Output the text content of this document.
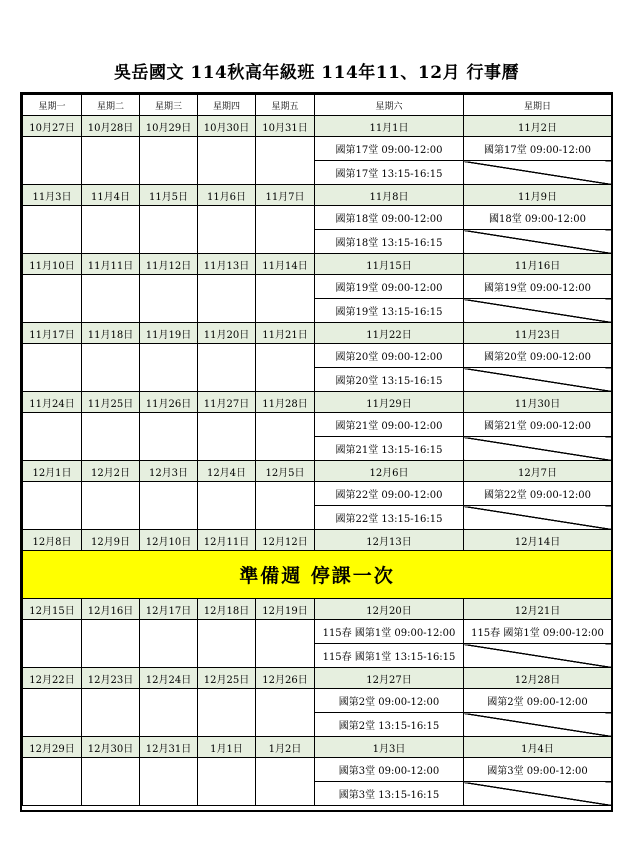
吳岳國文 114秋高年級班 114年11、12月 行事曆
星期一	星期二	星期三	星期四	星期五	星期六	星期日
10月27日	10月28日	10月29日	10月30日	10月31日	11月1日	11月2日
					國第17堂 09:00-12:00	國第17堂 09:00-12:00
					國第17堂 13:15-16:15	
11月3日	11月4日	11月5日	11月6日	11月7日	11月8日	11月9日
					國第18堂 09:00-12:00	國18堂 09:00-12:00
					國第18堂 13:15-16:15	
11月10日	11月11日	11月12日	11月13日	11月14日	11月15日	11月16日
					國第19堂 09:00-12:00	國第19堂 09:00-12:00
					國第19堂 13:15-16:15	
11月17日	11月18日	11月19日	11月20日	11月21日	11月22日	11月23日
					國第20堂 09:00-12:00	國第20堂 09:00-12:00
					國第20堂 13:15-16:15	
11月24日	11月25日	11月26日	11月27日	11月28日	11月29日	11月30日
					國第21堂 09:00-12:00	國第21堂 09:00-12:00
					國第21堂 13:15-16:15	
12月1日	12月2日	12月3日	12月4日	12月5日	12月6日	12月7日
					國第22堂 09:00-12:00	國第22堂 09:00-12:00
					國第22堂 13:15-16:15	
12月8日	12月9日	12月10日	12月11日	12月12日	12月13日	12月14日
準備週 停課一次						
12月15日	12月16日	12月17日	12月18日	12月19日	12月20日	12月21日
					115春 國第1堂 09:00-12:00	115春 國第1堂 09:00-12:00
					115春 國第1堂 13:15-16:15	
12月22日	12月23日	12月24日	12月25日	12月26日	12月27日	12月28日
					國第2堂 09:00-12:00	國第2堂 09:00-12:00
					國第2堂 13:15-16:15	
12月29日	12月30日	12月31日	1月1日	1月2日	1月3日	1月4日
					國第3堂 09:00-12:00	國第3堂 09:00-12:00
					國第3堂 13:15-16:15	
